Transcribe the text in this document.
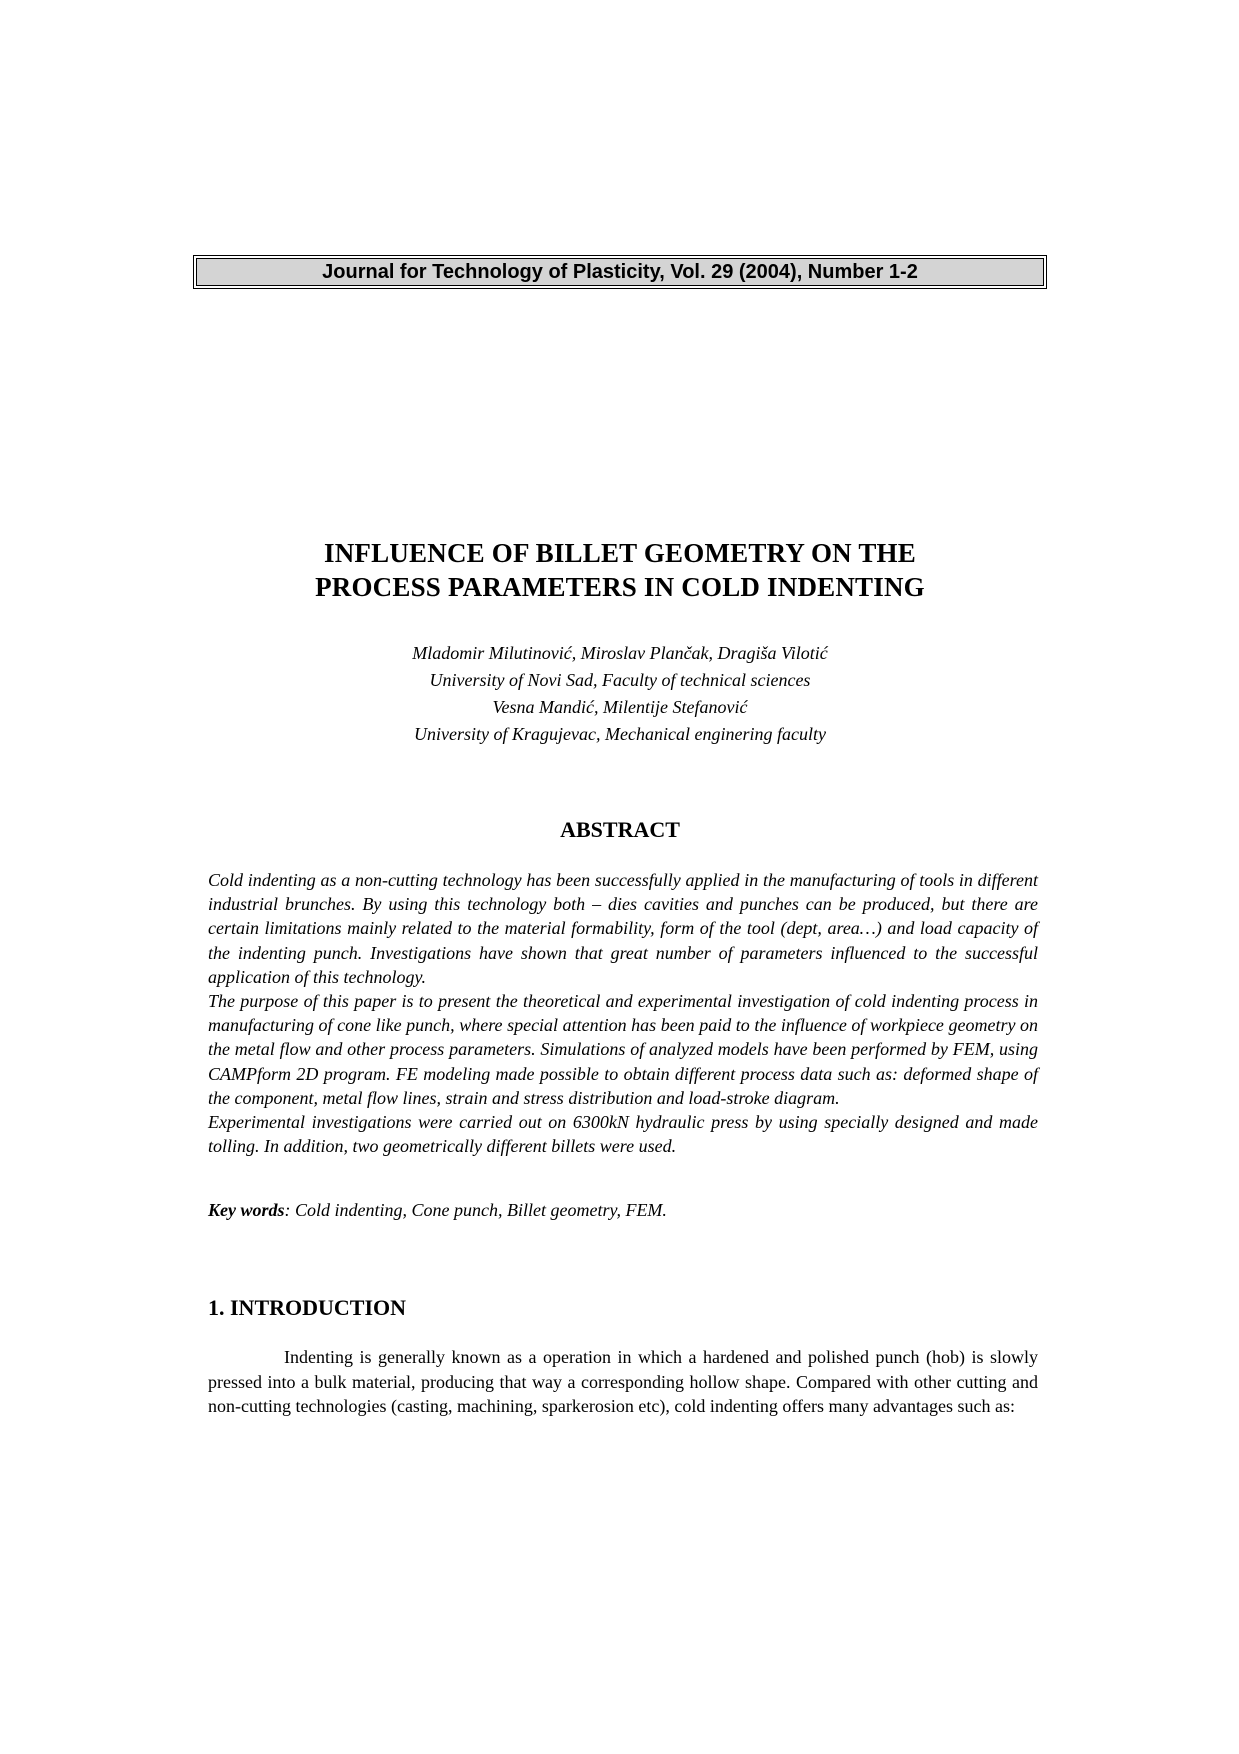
Journal for Technology of Plasticity, Vol. 29 (2004), Number 1-2
INFLUENCE OF BILLET GEOMETRY ON THE
PROCESS PARAMETERS IN COLD INDENTING
Mladomir Milutinović, Miroslav Plančak, Dragiša Vilotić
University of Novi Sad, Faculty of technical sciences
Vesna Mandić, Milentije Stefanović
University of Kragujevac, Mechanical enginering faculty
ABSTRACT

Cold indenting as a non-cutting technology has been successfully applied in the manufacturing of tools in different industrial brunches. By using this technology both – dies cavities and punches can be produced, but there are certain limitations mainly related to the material formability, form of the tool (dept, area…) and load capacity of the indenting punch. Investigations have shown that great number of parameters influenced to the successful application of this technology.

The purpose of this paper is to present the theoretical and experimental investigation of cold indenting process in manufacturing of cone like punch, where special attention has been paid to the influence of workpiece geometry on the metal flow and other process parameters. Simulations of analyzed models have been performed by FEM, using CAMPform 2D program. FE modeling made possible to obtain different process data such as: deformed shape of the component, metal flow lines, strain and stress distribution and load-stroke diagram.

Experimental investigations were carried out on 6300kN hydraulic press by using specially designed and made tolling. In addition, two geometrically different billets were used.

Key words: Cold indenting, Cone punch, Billet geometry, FEM.
1. INTRODUCTION

Indenting is generally known as a operation in which a hardened and polished punch (hob) is slowly pressed into a bulk material, producing that way a corresponding hollow shape. Compared with other cutting and non-cutting technologies (casting, machining, sparkerosion etc), cold indenting offers many advantages such as:
